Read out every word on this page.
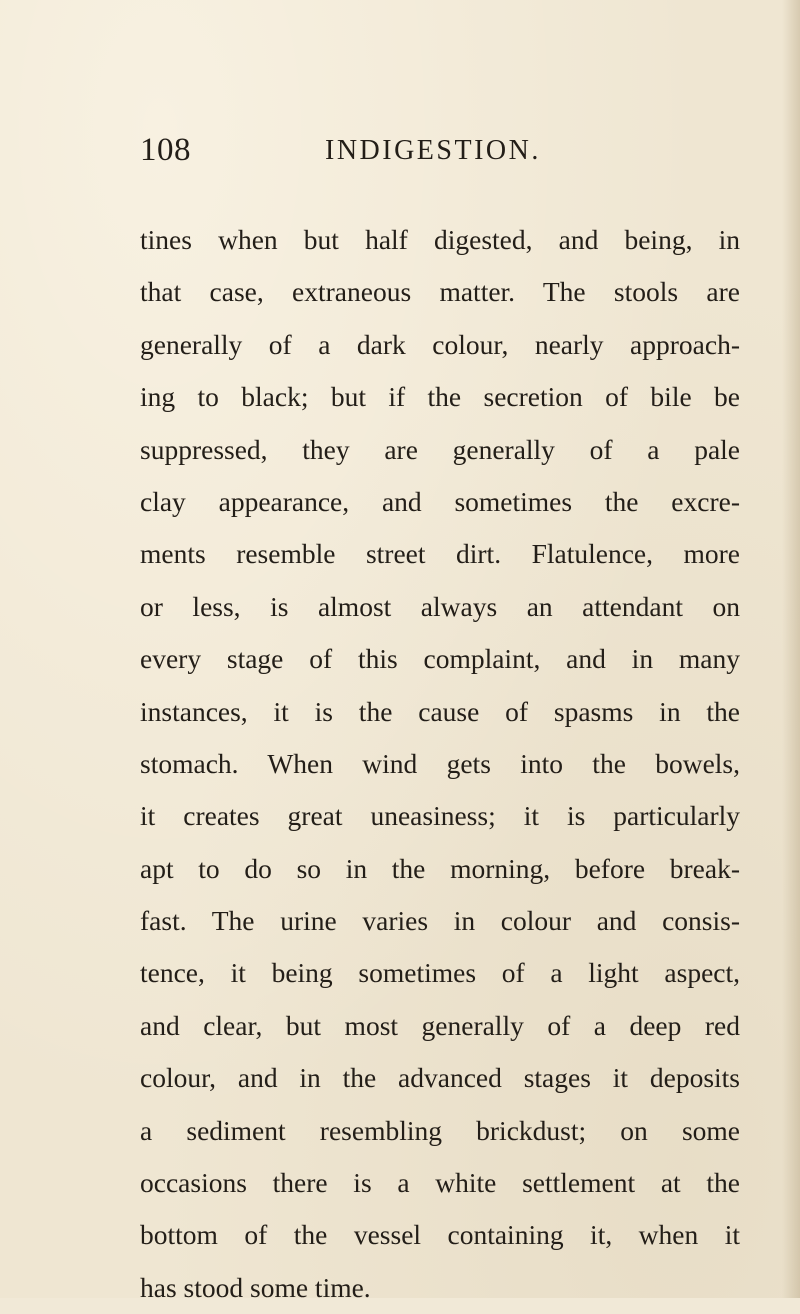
108	INDIGESTION.
tines when but half digested, and being, in
that case, extraneous matter. The stools are
generally of a dark colour, nearly approach-
ing to black; but if the secretion of bile be
suppressed, they are generally of a pale
clay appearance, and sometimes the excre-
ments resemble street dirt. Flatulence, more
or less, is almost always an attendant on
every stage of this complaint, and in many
instances, it is the cause of spasms in the
stomach. When wind gets into the bowels,
it creates great uneasiness; it is particularly
apt to do so in the morning, before break-
fast. The urine varies in colour and consis-
tence, it being sometimes of a light aspect,
and clear, but most generally of a deep red
colour, and in the advanced stages it deposits
a sediment resembling brickdust; on some
occasions there is a white settlement at the
bottom of the vessel containing it, when it
has stood some time.
